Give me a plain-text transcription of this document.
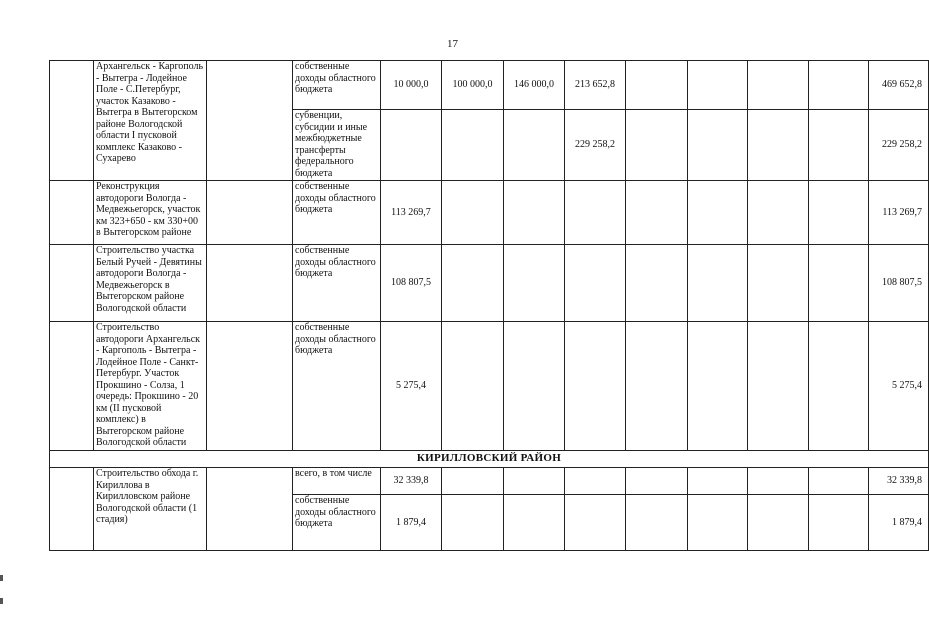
17
	Архангельск - Каргополь - Вытегра - Лодейное Поле - С.Петербург, участок Казаково - Вытегра в Вытегорском районе Вологодской области I пусковой комплекс Казаково - Сухарево		собственные доходы областного бюджета	10 000,0	100 000,0	146 000,0	213 652,8					469 652,8
			субвенции, субсидии и иные межбюджетные трансферты федерального бюджета				229 258,2					229 258,2
	Реконструкция автодороги Вологда - Медвежьегорск, участок км 323+650 - км 330+00 в Вытегорском районе		собственные доходы областного бюджета	113 269,7								113 269,7
	Строительство участка Белый Ручей - Девятины автодороги Вологда - Медвежьегорск в Вытегорском районе Вологодской области		собственные доходы областного бюджета	108 807,5								108 807,5
	Строительство автодороги Архангельск - Каргополь - Вытегра - Лодейное Поле - Санкт-Петербург. Участок Прокшино - Солза, 1 очередь: Прокшино - 20 км (II пусковой комплекс) в Вытегорском районе Вологодской области		собственные доходы областного бюджета	5 275,4								5 275,4
КИРИЛЛОВСКИЙ РАЙОН												
	Строительство обхода г. Кириллова в Кирилловском районе Вологодской области (1 стадия)		всего, в том числе	32 339,8								32 339,8
			собственные доходы областного бюджета	1 879,4								1 879,4
